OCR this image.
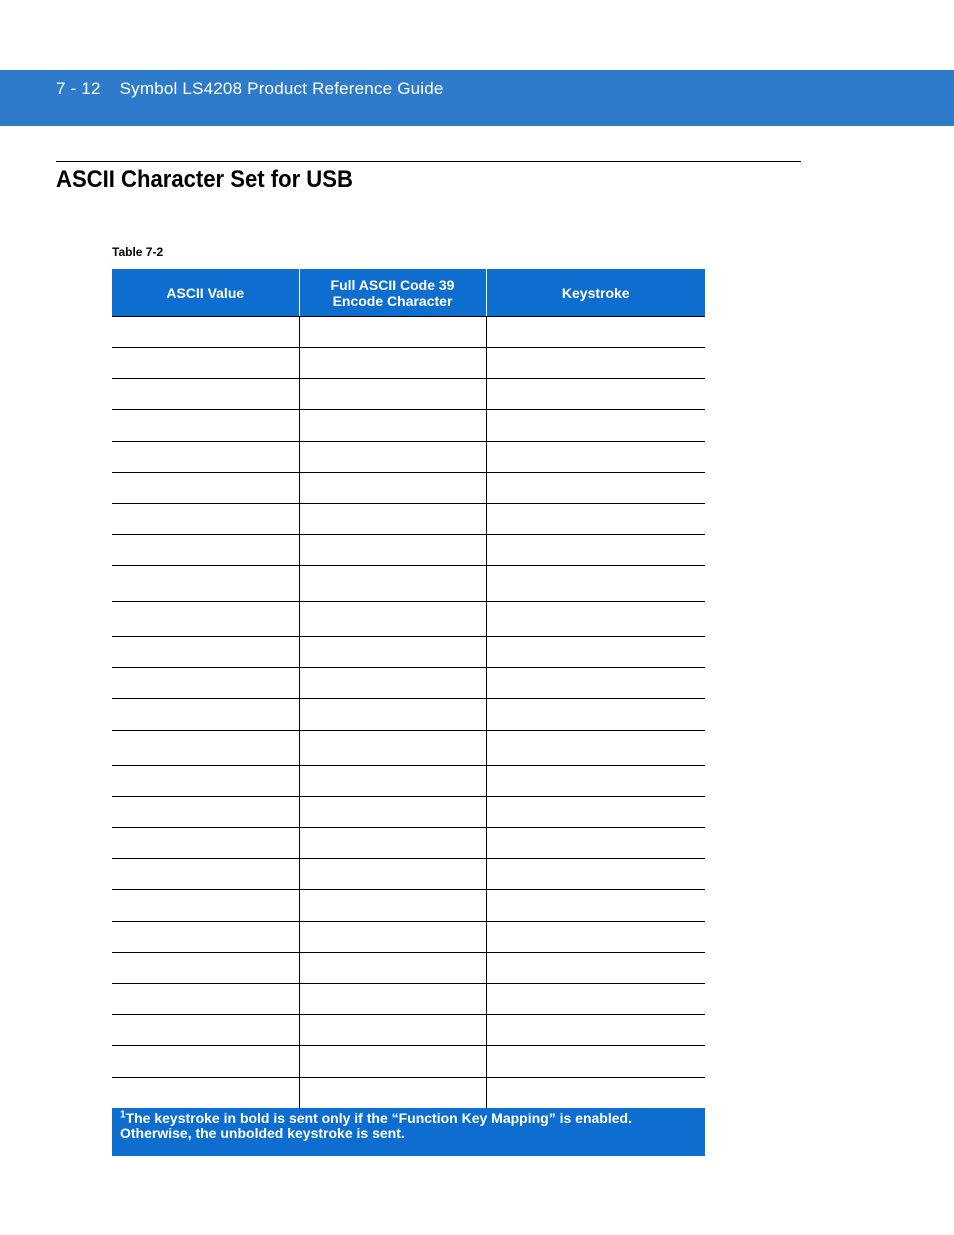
7 - 12 Symbol LS4208 Product Reference Guide
ASCII Character Set for USB
Table 7-2
ASCII Value	Full ASCII Code 39 Encode Character	Keystroke

$^1$The keystroke in bold is sent only if the “Function Key Mapping” is enabled. Otherwise, the unbolded keystroke is sent.
